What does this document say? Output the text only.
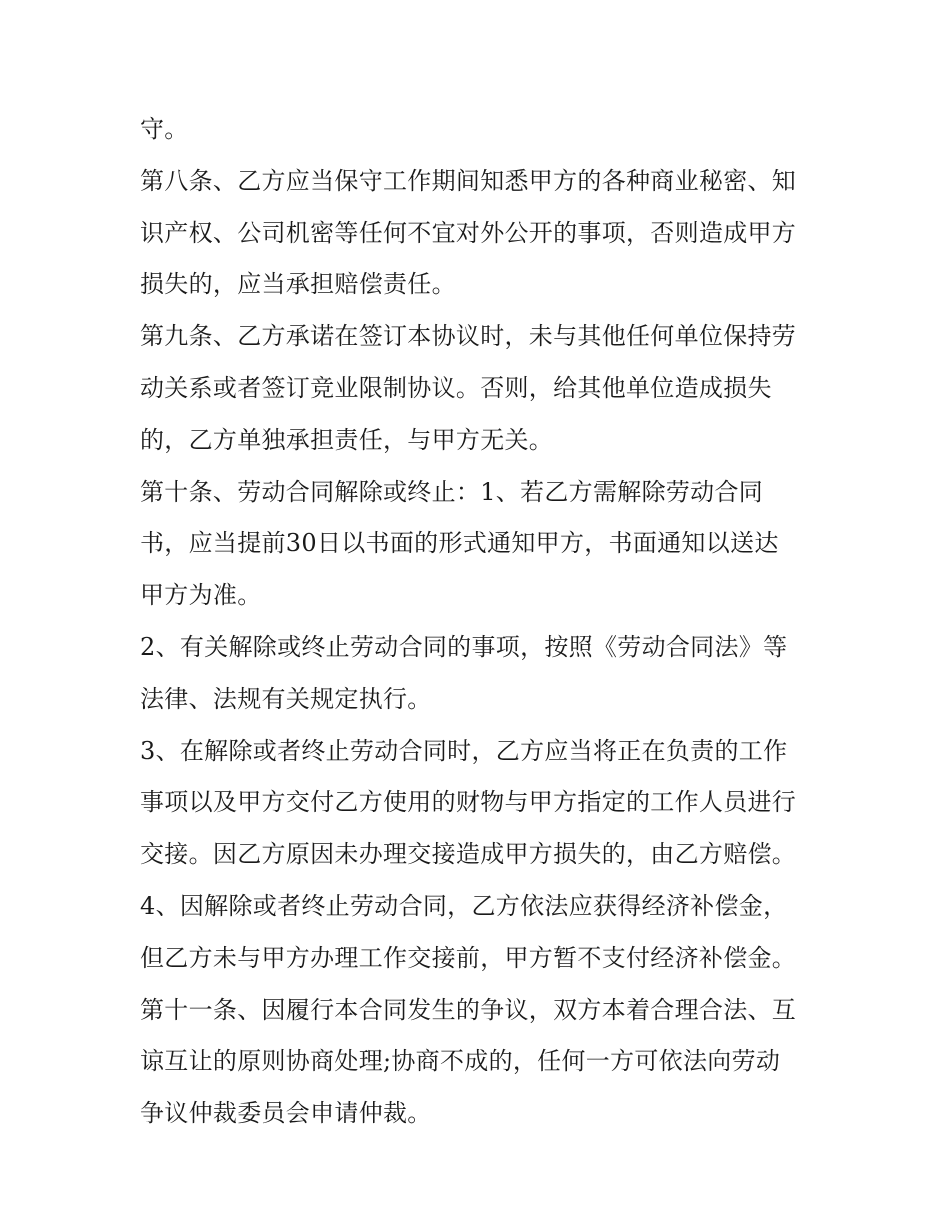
守。
第八条、乙方应当保守工作期间知悉甲方的各种商业秘密、知
识产权、公司机密等任何不宜对外公开的事项，否则造成甲方
损失的，应当承担赔偿责任。
第九条、乙方承诺在签订本协议时，未与其他任何单位保持劳
动关系或者签订竞业限制协议。否则，给其他单位造成损失
的，乙方单独承担责任，与甲方无关。
第十条、劳动合同解除或终止：1、若乙方需解除劳动合同
书，应当提前30日以书面的形式通知甲方，书面通知以送达
甲方为准。
2、有关解除或终止劳动合同的事项，按照《劳动合同法》等
法律、法规有关规定执行。
3、在解除或者终止劳动合同时，乙方应当将正在负责的工作
事项以及甲方交付乙方使用的财物与甲方指定的工作人员进行
交接。因乙方原因未办理交接造成甲方损失的，由乙方赔偿。
4、因解除或者终止劳动合同，乙方依法应获得经济补偿金，
但乙方未与甲方办理工作交接前，甲方暂不支付经济补偿金。
第十一条、因履行本合同发生的争议，双方本着合理合法、互
谅互让的原则协商处理;协商不成的，任何一方可依法向劳动
争议仲裁委员会申请仲裁。
